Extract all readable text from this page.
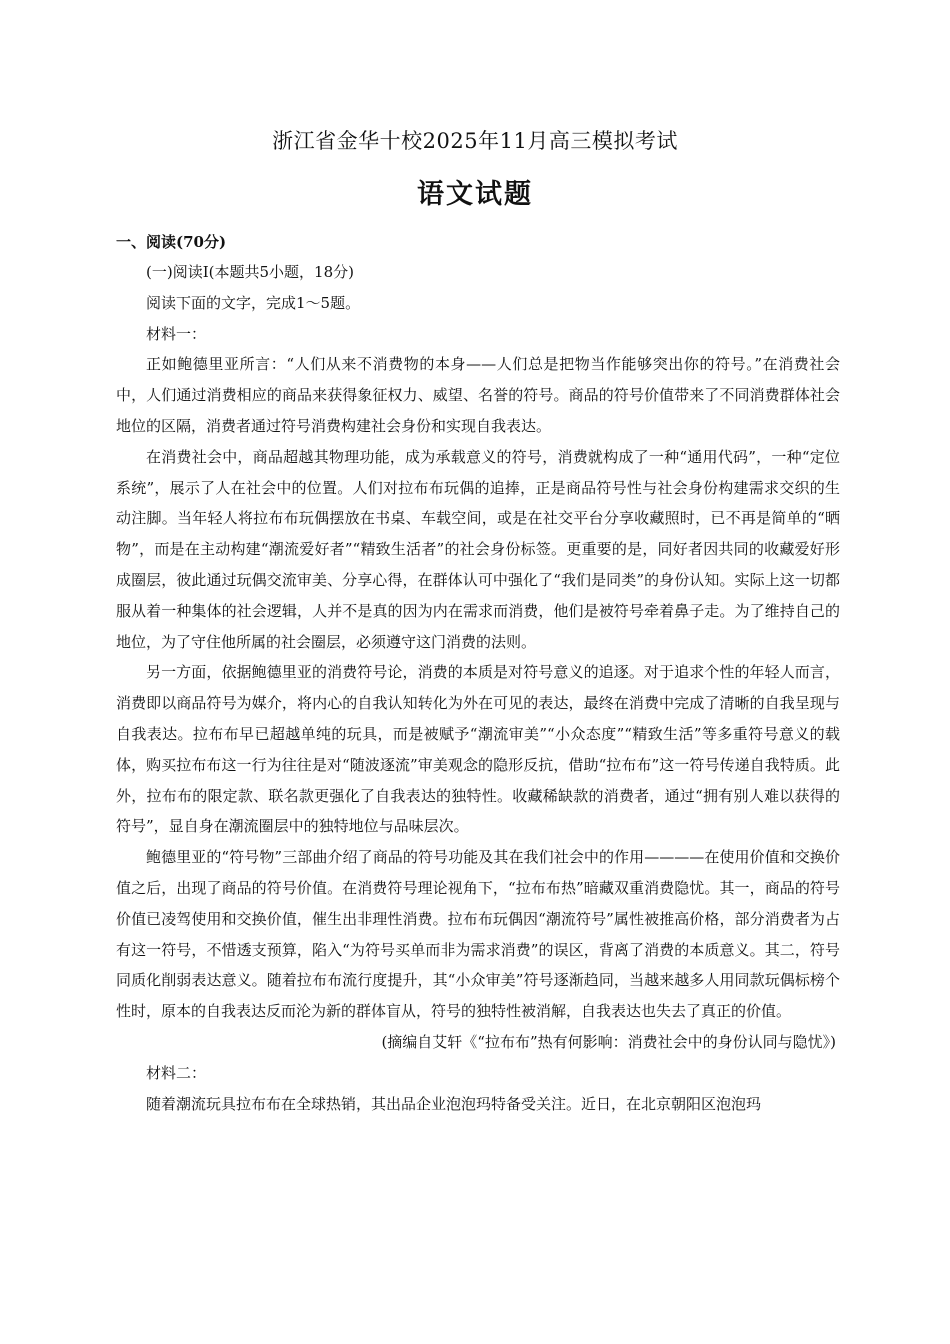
浙江省金华十校2025年11月高三模拟考试
语文试题
一、阅读(70分)

(一)阅读Ⅰ(本题共5小题，18分)

阅读下面的文字，完成1～5题。

材料一：

正如鲍德里亚所言：“人们从来不消费物的本身——人们总是把物当作能够突出你的符号。”在消费社会中，人们通过消费相应的商品来获得象征权力、威望、名誉的符号。商品的符号价值带来了不同消费群体社会地位的区隔，消费者通过符号消费构建社会身份和实现自我表达。

在消费社会中，商品超越其物理功能，成为承载意义的符号，消费就构成了一种“通用代码”，一种“定位系统”，展示了人在社会中的位置。人们对拉布布玩偶的追捧，正是商品符号性与社会身份构建需求交织的生动注脚。当年轻人将拉布布玩偶摆放在书桌、车载空间，或是在社交平台分享收藏照时，已不再是简单的“晒物”，而是在主动构建“潮流爱好者”“精致生活者”的社会身份标签。更重要的是，同好者因共同的收藏爱好形成圈层，彼此通过玩偶交流审美、分享心得，在群体认可中强化了“我们是同类”的身份认知。实际上这一切都服从着一种集体的社会逻辑，人并不是真的因为内在需求而消费，他们是被符号牵着鼻子走。为了维持自己的地位，为了守住他所属的社会圈层，必须遵守这门消费的法则。

另一方面，依据鲍德里亚的消费符号论，消费的本质是对符号意义的追逐。对于追求个性的年轻人而言，消费即以商品符号为媒介，将内心的自我认知转化为外在可见的表达，最终在消费中完成了清晰的自我呈现与自我表达。拉布布早已超越单纯的玩具，而是被赋予“潮流审美”“小众态度”“精致生活”等多重符号意义的载体，购买拉布布这一行为往往是对“随波逐流”审美观念的隐形反抗，借助“拉布布”这一符号传递自我特质。此外，拉布布的限定款、联名款更强化了自我表达的独特性。收藏稀缺款的消费者，通过“拥有别人难以获得的符号”，显自身在潮流圈层中的独特地位与品味层次。

鲍德里亚的“符号物”三部曲介绍了商品的符号功能及其在我们社会中的作用————在使用价值和交换价值之后，出现了商品的符号价值。在消费符号理论视角下，“拉布布热”暗藏双重消费隐忧。其一，商品的符号价值已凌驾使用和交换价值，催生出非理性消费。拉布布玩偶因“潮流符号”属性被推高价格，部分消费者为占有这一符号，不惜透支预算，陷入“为符号买单而非为需求消费”的误区，背离了消费的本质意义。其二，符号同质化削弱表达意义。随着拉布布流行度提升，其“小众审美”符号逐渐趋同，当越来越多人用同款玩偶标榜个性时，原本的自我表达反而沦为新的群体盲从，符号的独特性被消解，自我表达也失去了真正的价值。

(摘编自艾轩《“拉布布”热有何影响：消费社会中的身份认同与隐忧》)

材料二：

随着潮流玩具拉布布在全球热销，其出品企业泡泡玛特备受关注。近日，在北京朝阳区泡泡玛
